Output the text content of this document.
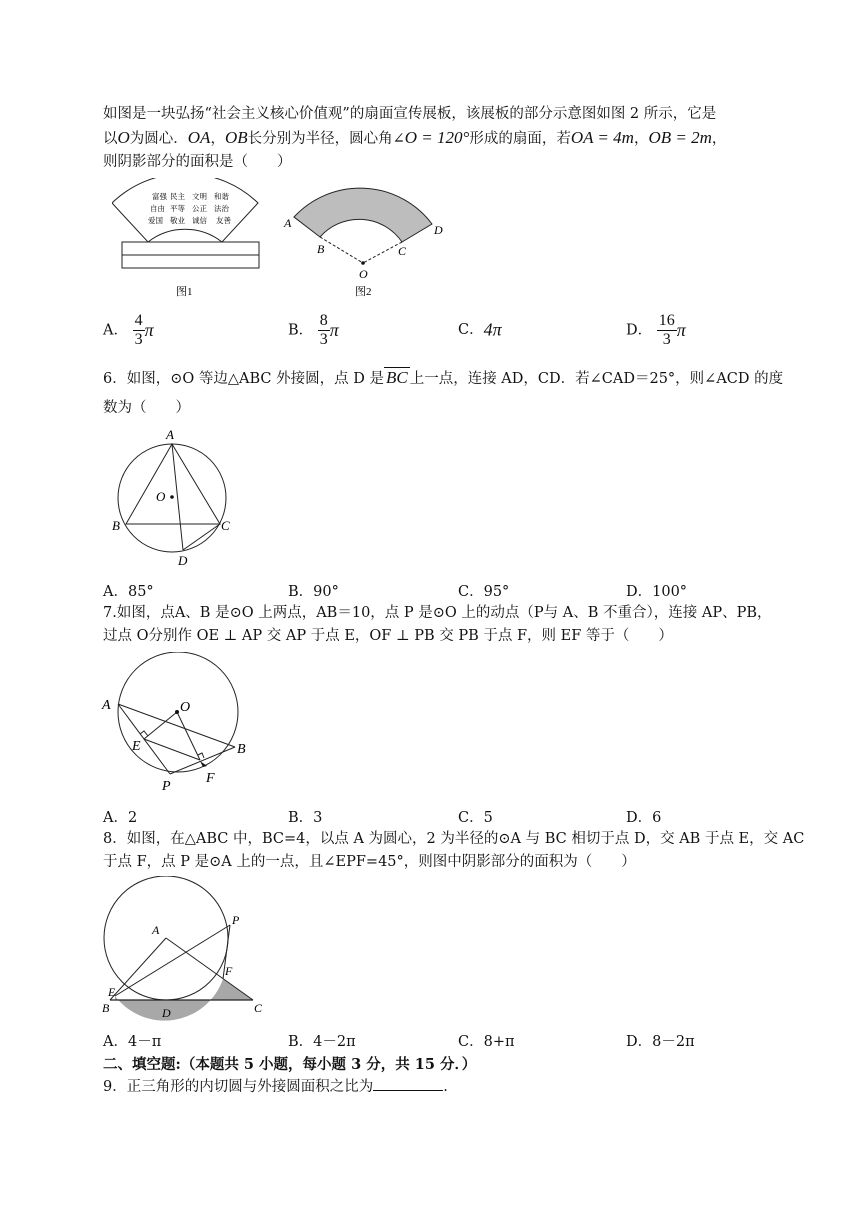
如图是一块弘扬“社会主义核心价值观”的扇面宣传展板，该展板的部分示意图如图 2 所示，它是
以O为圆心．OA，OB长分别为半径，圆心角∠O = 120°形成的扇面，若OA = 4m，OB = 2m，
则阴影部分的面积是（　　）
富强 民主 文明 和谐
自由 平等 公正 法治
爱国 敬业 诚信 友善
图1
A
B	C
D
O
图2
A． $\frac{4}{3}$ π	B． $\frac{8}{3}$ π	C．4π	D． $\frac{16}{3}$ π
6．如图，⊙O 等边△ABC 外接圆，点 D 是 BC 上一点，连接 AD，CD．若∠CAD＝25°，则∠ACD 的度
数为（　　）
A
B	C
D
O
A．85°	B．90°	C．95°	D．100°
7.如图，点A、B 是⊙O 上两点，AB＝10，点 P 是⊙O 上的动点（P与 A、B 不重合），连接 AP、PB，
过点 O分别作 OE ⊥ AP 交 AP 于点 E，OF ⊥ PB 交 PB 于点 F，则 EF 等于（　　）
A
B
O
E
F
P
A．2	B．3	C．5	D．6
8．如图，在△ABC 中，BC=4，以点 A 为圆心，2 为半径的⊙A 与 BC 相切于点 D，交 AB 于点 E，交 AC
于点 F，点 P 是⊙A 上的一点，且∠EPF=45°，则图中阴影部分的面积为（　　）
A
B	C
D
E
F
P
A．4－π	B．4－2π	C．8+π	D．8－2π
二、填空题:（本题共 5 小题，每小题 3 分，共 15 分．）
9．正三角形的内切圆与外接圆面积之比为	.
